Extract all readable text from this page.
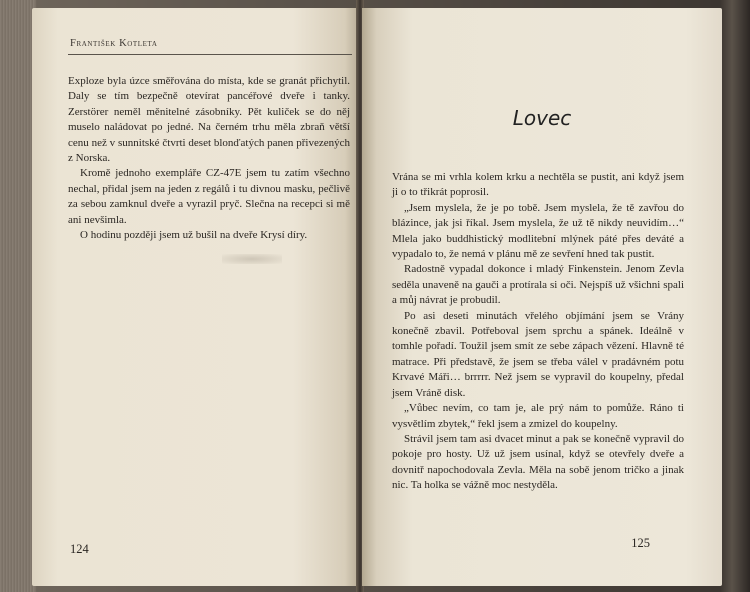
František Kotleta

Exploze byla úzce směřována do místa, kde se granát přichytil. Daly se tím bezpečně otevírat pancéřové dveře i tanky. Zerstörer neměl měnitelné zásobníky. Pět kuliček se do něj muselo naládovat po jedné. Na černém trhu měla zbraň větší cenu než v sunnitské čtvrti deset blonďatých panen přivezených z Norska.

Kromě jednoho exempláře CZ-47E jsem tu zatím všechno nechal, přidal jsem na jeden z regálů i tu divnou masku, pečlivě za sebou zamknul dveře a vyrazil pryč. Slečna na recepci si mě ani nevšimla.

O hodinu později jsem už bušil na dveře Krysí díry.

124
Lovec

Vrána se mi vrhla kolem krku a nechtěla se pustit, ani když jsem ji o to třikrát poprosil.

„Jsem myslela, že je po tobě. Jsem myslela, že tě zavřou do blázince, jak jsi říkal. Jsem myslela, že už tě nikdy neuvidím…“ Mlela jako buddhistický modlitební mlýnek páté přes deváté a vypadalo to, že nemá v plánu mě ze sevření hned tak pustit.

Radostně vypadal dokonce i mladý Finkenstein. Jenom Zevla seděla unaveně na gauči a protírala si oči. Nejspíš už všichni spali a můj návrat je probudil.

Po asi deseti minutách vřelého objímání jsem se Vrány konečně zbavil. Potřeboval jsem sprchu a spánek. Ideálně v tomhle pořadí. Toužil jsem smít ze sebe zápach vězení. Hlavně té matrace. Při představě, že jsem se třeba válel v pradávném potu Krvavé Máři… brrrrr. Než jsem se vypravil do koupelny, předal jsem Vráně disk.

„Vůbec nevím, co tam je, ale prý nám to pomůže. Ráno ti vysvětlím zbytek,“ řekl jsem a zmizel do koupelny.

Strávil jsem tam asi dvacet minut a pak se konečně vypravil do pokoje pro hosty. Už už jsem usínal, když se otevřely dveře a dovnitř napochodovala Zevla. Měla na sobě jenom tričko a jinak nic. Ta holka se vážně moc nestyděla.

125
